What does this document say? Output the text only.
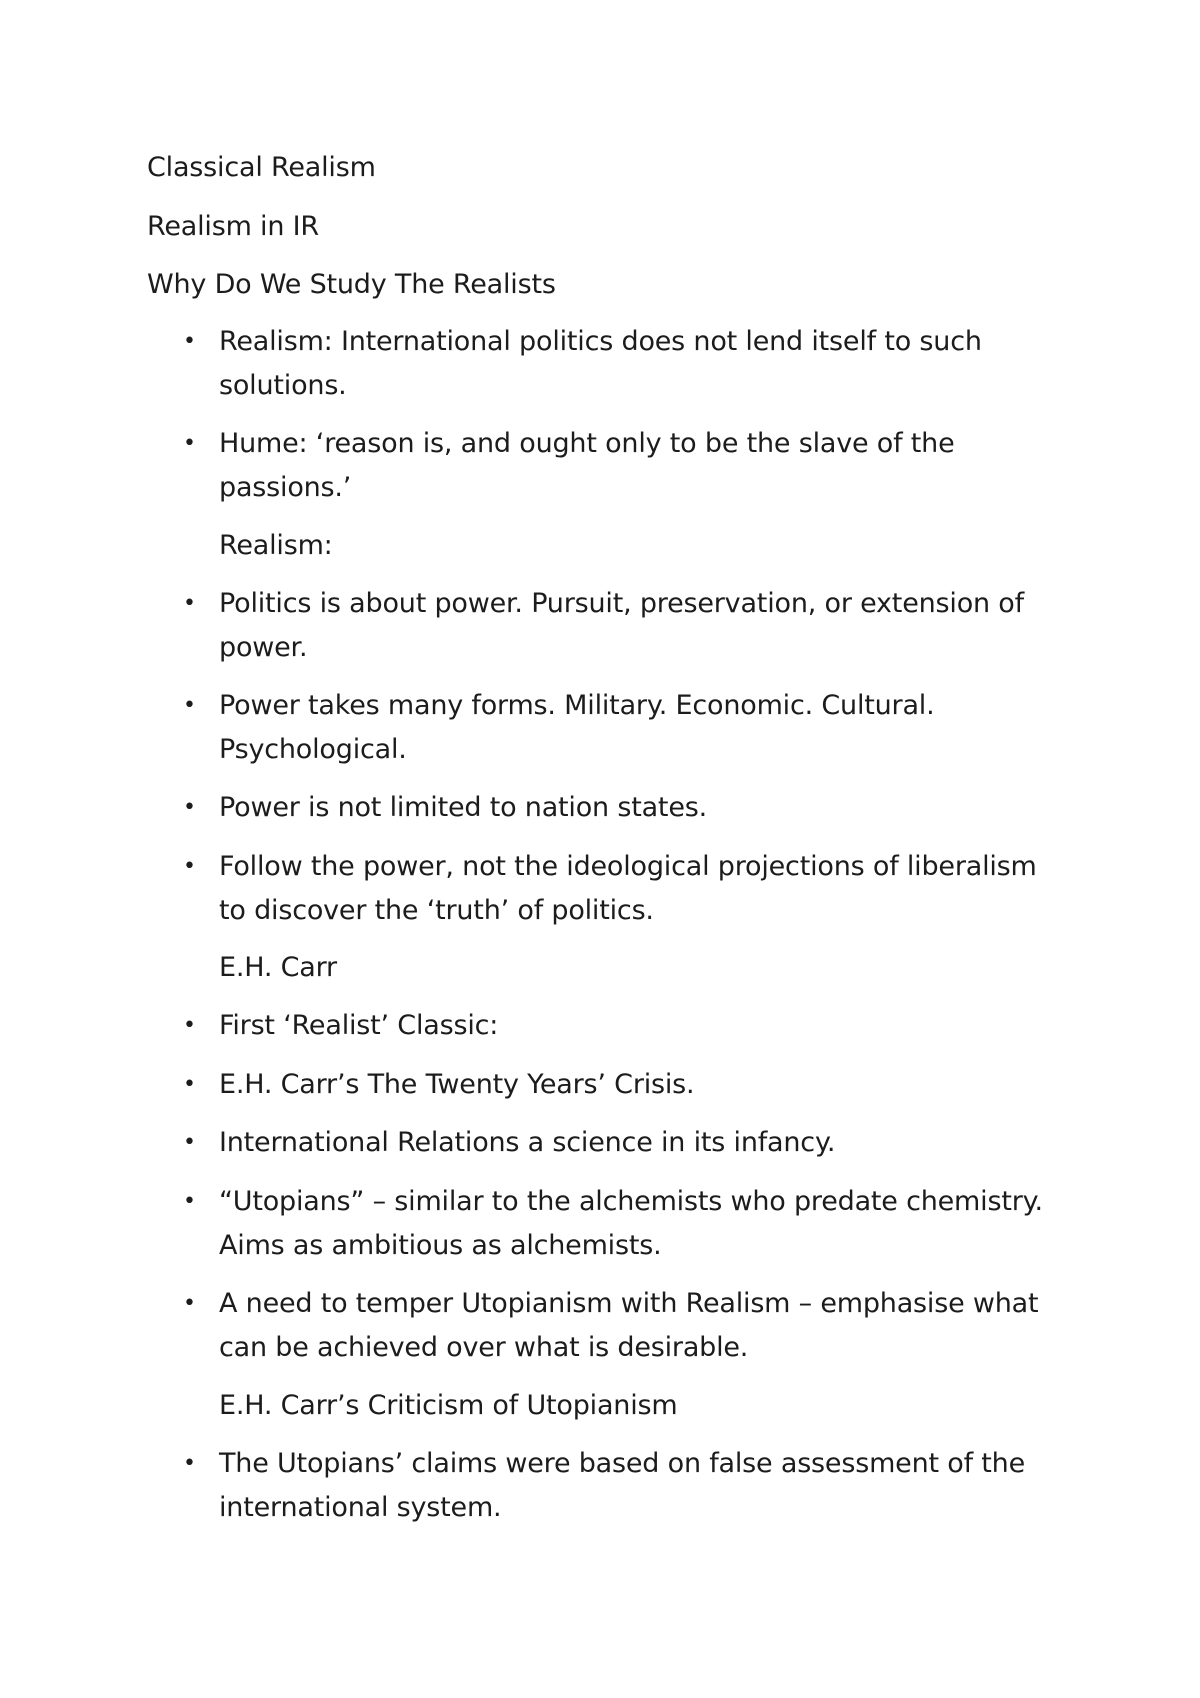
Classical Realism
Realism in IR
Why Do We Study The Realists
• Realism: International politics does not lend itself to such solutions.
• Hume: ‘reason is, and ought only to be the slave of the passions.’
Realism:
• Politics is about power. Pursuit, preservation, or extension of power.
• Power takes many forms. Military. Economic. Cultural. Psychological.
• Power is not limited to nation states.
• Follow the power, not the ideological projections of liberalism to discover the ‘truth’ of politics.
E.H. Carr
• First ‘Realist’ Classic:
• E.H. Carr’s The Twenty Years’ Crisis.
• International Relations a science in its infancy.
• “Utopians” – similar to the alchemists who predate chemistry. Aims as ambitious as alchemists.
• A need to temper Utopianism with Realism – emphasise what can be achieved over what is desirable.
E.H. Carr’s Criticism of Utopianism
• The Utopians’ claims were based on false assessment of the international system.
